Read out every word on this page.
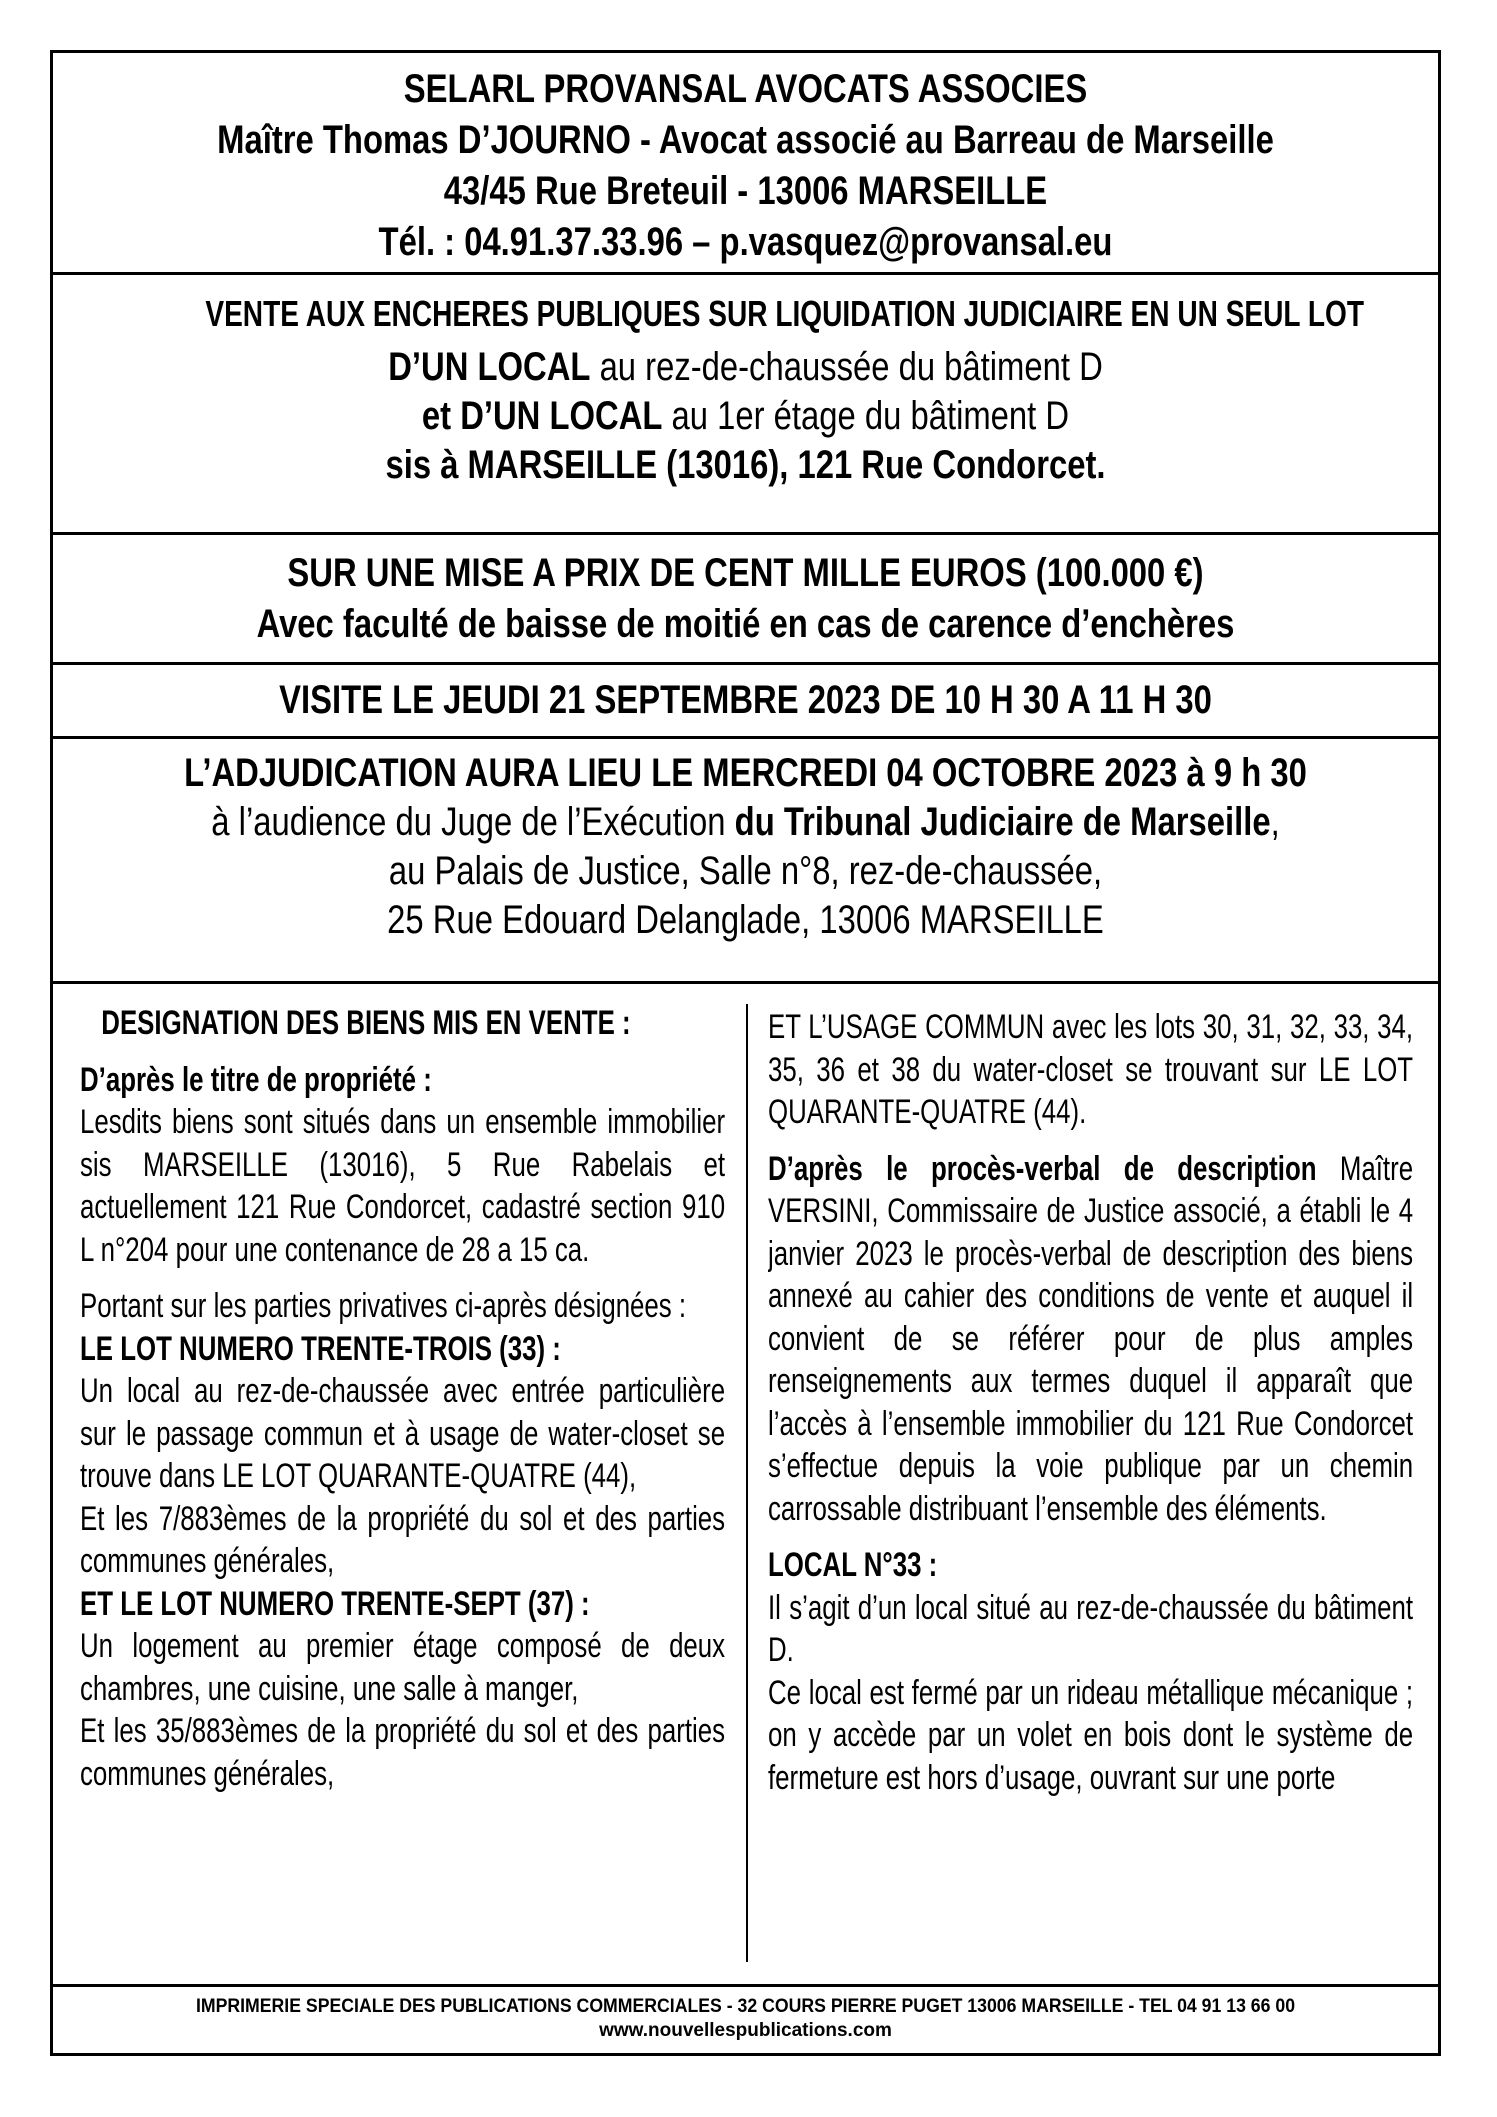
SELARL PROVANSAL AVOCATS ASSOCIES
Maître Thomas D’JOURNO - Avocat associé au Barreau de Marseille
43/45 Rue Breteuil - 13006 MARSEILLE
Tél. : 04.91.37.33.96 – p.vasquez@provansal.eu
VENTE AUX ENCHERES PUBLIQUES SUR LIQUIDATION JUDICIAIRE EN UN SEUL LOT
D’UN LOCAL au rez-de-chaussée du bâtiment D
et D’UN LOCAL au 1er étage du bâtiment D
sis à MARSEILLE (13016), 121 Rue Condorcet.
SUR UNE MISE A PRIX DE CENT MILLE EUROS (100.000 €)
Avec faculté de baisse de moitié en cas de carence d’enchères
VISITE LE JEUDI 21 SEPTEMBRE 2023 DE 10 H 30 A 11 H 30
L’ADJUDICATION AURA LIEU LE MERCREDI 04 OCTOBRE 2023 à 9 h 30
à l’audience du Juge de l’Exécution du Tribunal Judiciaire de Marseille,
au Palais de Justice, Salle n°8, rez-de-chaussée,
25 Rue Edouard Delanglade, 13006 MARSEILLE
DESIGNATION DES BIENS MIS EN VENTE :
D’après le titre de propriété :
Lesdits biens sont situés dans un ensemble immobilier sis MARSEILLE (13016), 5 Rue Rabelais et actuellement 121 Rue Condorcet, cadastré section 910 L n°204 pour une contenance de 28 a 15 ca.
Portant sur les parties privatives ci-après désignées :
LE LOT NUMERO TRENTE-TROIS (33) :
Un local au rez-de-chaussée avec entrée particulière sur le passage commun et à usage de water-closet se trouve dans LE LOT QUARANTE-QUATRE (44),
Et les 7/883èmes de la propriété du sol et des parties communes générales,
ET LE LOT NUMERO TRENTE-SEPT (37) :
Un logement au premier étage composé de deux chambres, une cuisine, une salle à manger,
Et les 35/883èmes de la propriété du sol et des parties communes générales,
ET L’USAGE COMMUN avec les lots 30, 31, 32, 33, 34, 35, 36 et 38 du water-closet se trouvant sur LE LOT QUARANTE-QUATRE (44).
D’après le procès-verbal de description Maître VERSINI, Commissaire de Justice associé, a établi le 4 janvier 2023 le procès-verbal de description des biens annexé au cahier des conditions de vente et auquel il convient de se référer pour de plus amples renseignements aux termes duquel il apparaît que l’accès à l’ensemble immobilier du 121 Rue Condorcet s’effectue depuis la voie publique par un chemin carrossable distribuant l’ensemble des éléments.
LOCAL N°33 :
Il s’agit d’un local situé au rez-de-chaussée du bâtiment D.
Ce local est fermé par un rideau métallique mécanique ; on y accède par un volet en bois dont le système de fermeture est hors d’usage, ouvrant sur une porte
IMPRIMERIE SPECIALE DES PUBLICATIONS COMMERCIALES - 32 COURS PIERRE PUGET 13006 MARSEILLE - TEL 04 91 13 66 00
www.nouvellespublications.com
